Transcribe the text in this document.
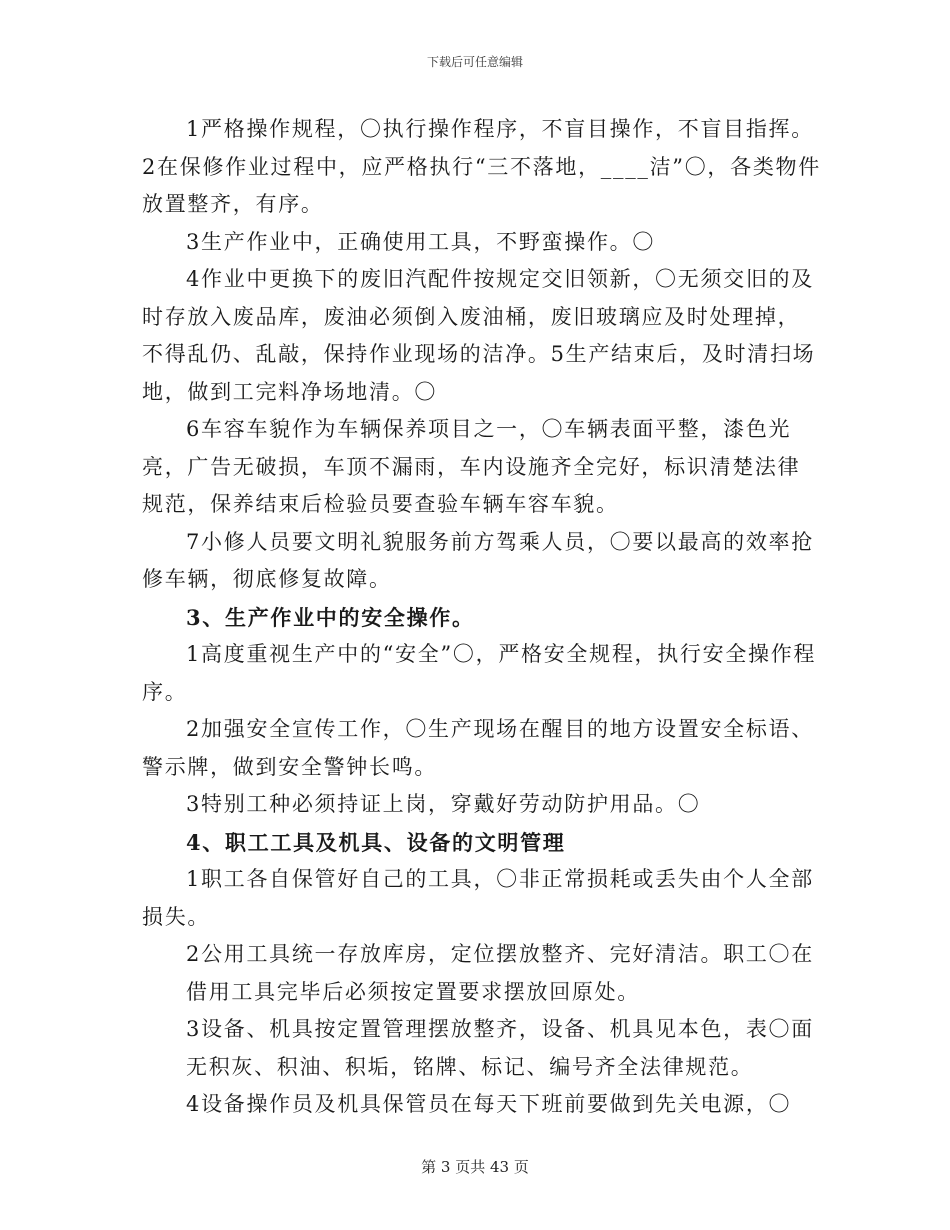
下载后可任意编辑

1严格操作规程，〇执行操作程序，不盲目操作，不盲目指挥。2在保修作业过程中，应严格执行“三不落地，____洁”〇，各类物件放置整齐，有序。

3生产作业中，正确使用工具，不野蛮操作。〇

4作业中更换下的废旧汽配件按规定交旧领新，〇无须交旧的及时存放入废品库，废油必须倒入废油桶，废旧玻璃应及时处理掉，不得乱仍、乱敲，保持作业现场的洁净。5生产结束后，及时清扫场地，做到工完料净场地清。〇

6车容车貌作为车辆保养项目之一，〇车辆表面平整，漆色光亮，广告无破损，车顶不漏雨，车内设施齐全完好，标识清楚法律规范，保养结束后检验员要查验车辆车容车貌。

7小修人员要文明礼貌服务前方驾乘人员，〇要以最高的效率抢修车辆，彻底修复故障。

3、生产作业中的安全操作。

1高度重视生产中的“安全”〇，严格安全规程，执行安全操作程序。

2加强安全宣传工作，〇生产现场在醒目的地方设置安全标语、警示牌，做到安全警钟长鸣。

3特别工种必须持证上岗，穿戴好劳动防护用品。〇

4、职工工具及机具、设备的文明管理

1职工各自保管好自己的工具，〇非正常损耗或丢失由个人全部损失。

2公用工具统一存放库房，定位摆放整齐、完好清洁。职工〇在借用工具完毕后必须按定置要求摆放回原处。

3设备、机具按定置管理摆放整齐，设备、机具见本色，表〇面无积灰、积油、积垢，铭牌、标记、编号齐全法律规范。

4设备操作员及机具保管员在每天下班前要做到先关电源，〇

第 3 页共 43 页
